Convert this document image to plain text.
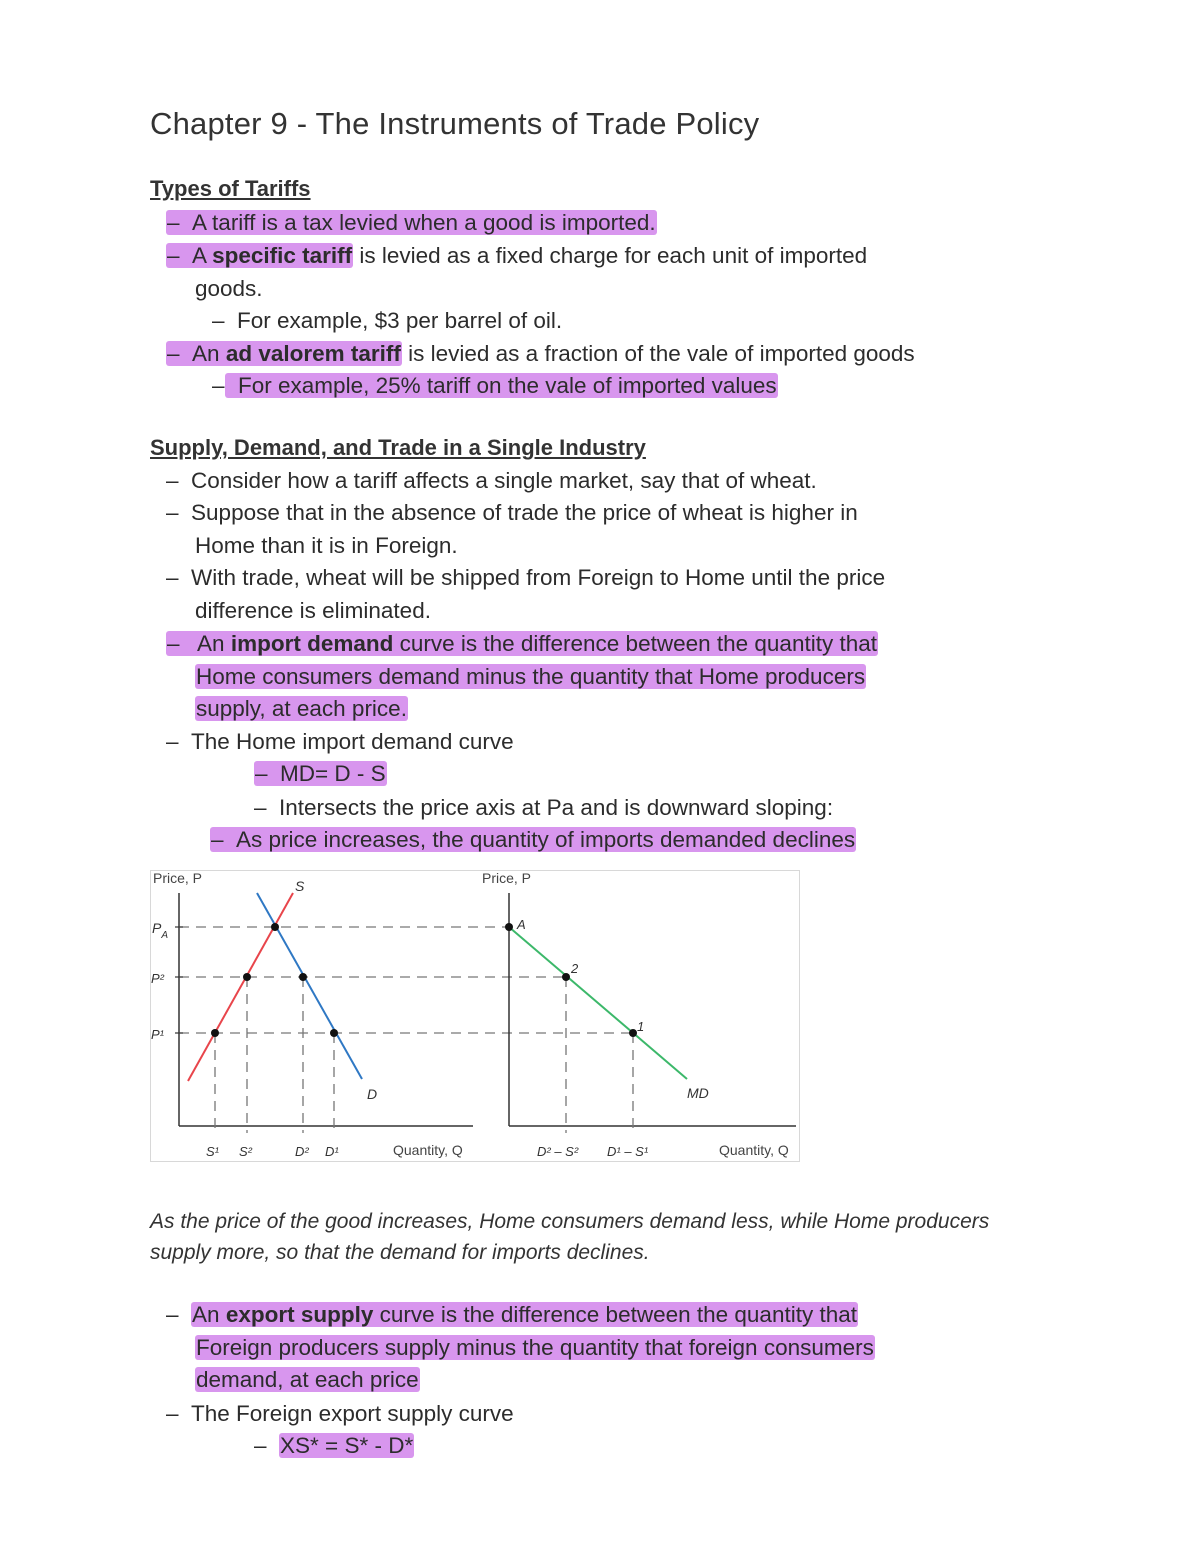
Chapter 9 - The Instruments of Trade Policy
Types of Tariffs
– A tariff is a tax levied when a good is imported.
– A specific tariff is levied as a fixed charge for each unit of imported
goods.
– For example, $3 per barrel of oil.
– An ad valorem tariff is levied as a fraction of the vale of imported goods
– For example, 25% tariff on the vale of imported values
Supply, Demand, and Trade in a Single Industry
– Consider how a tariff affects a single market, say that of wheat.
– Suppose that in the absence of trade the price of wheat is higher in
Home than it is in Foreign.
– With trade, wheat will be shipped from Foreign to Home until the price
difference is eliminated.
–   An import demand curve is the difference between the quantity that
Home consumers demand minus the quantity that Home producers
supply, at each price.
– The Home import demand curve
– MD= D - S
– Intersects the price axis at Pa and is downward sloping:
– As price increases, the quantity of imports demanded declines
Price, P	S
D
$P_A$
P²
P¹
S¹ S²	D² D¹	Quantity, Q
Price, P
A
2
1
MD
D² – S² D¹ – S¹	Quantity, Q
As the price of the good increases, Home consumers demand less, while Home producers supply more, so that the demand for imports declines.
– An export supply curve is the difference between the quantity that
Foreign producers supply minus the quantity that foreign consumers
demand, at each price
– The Foreign export supply curve
– XS* = S* - D*
